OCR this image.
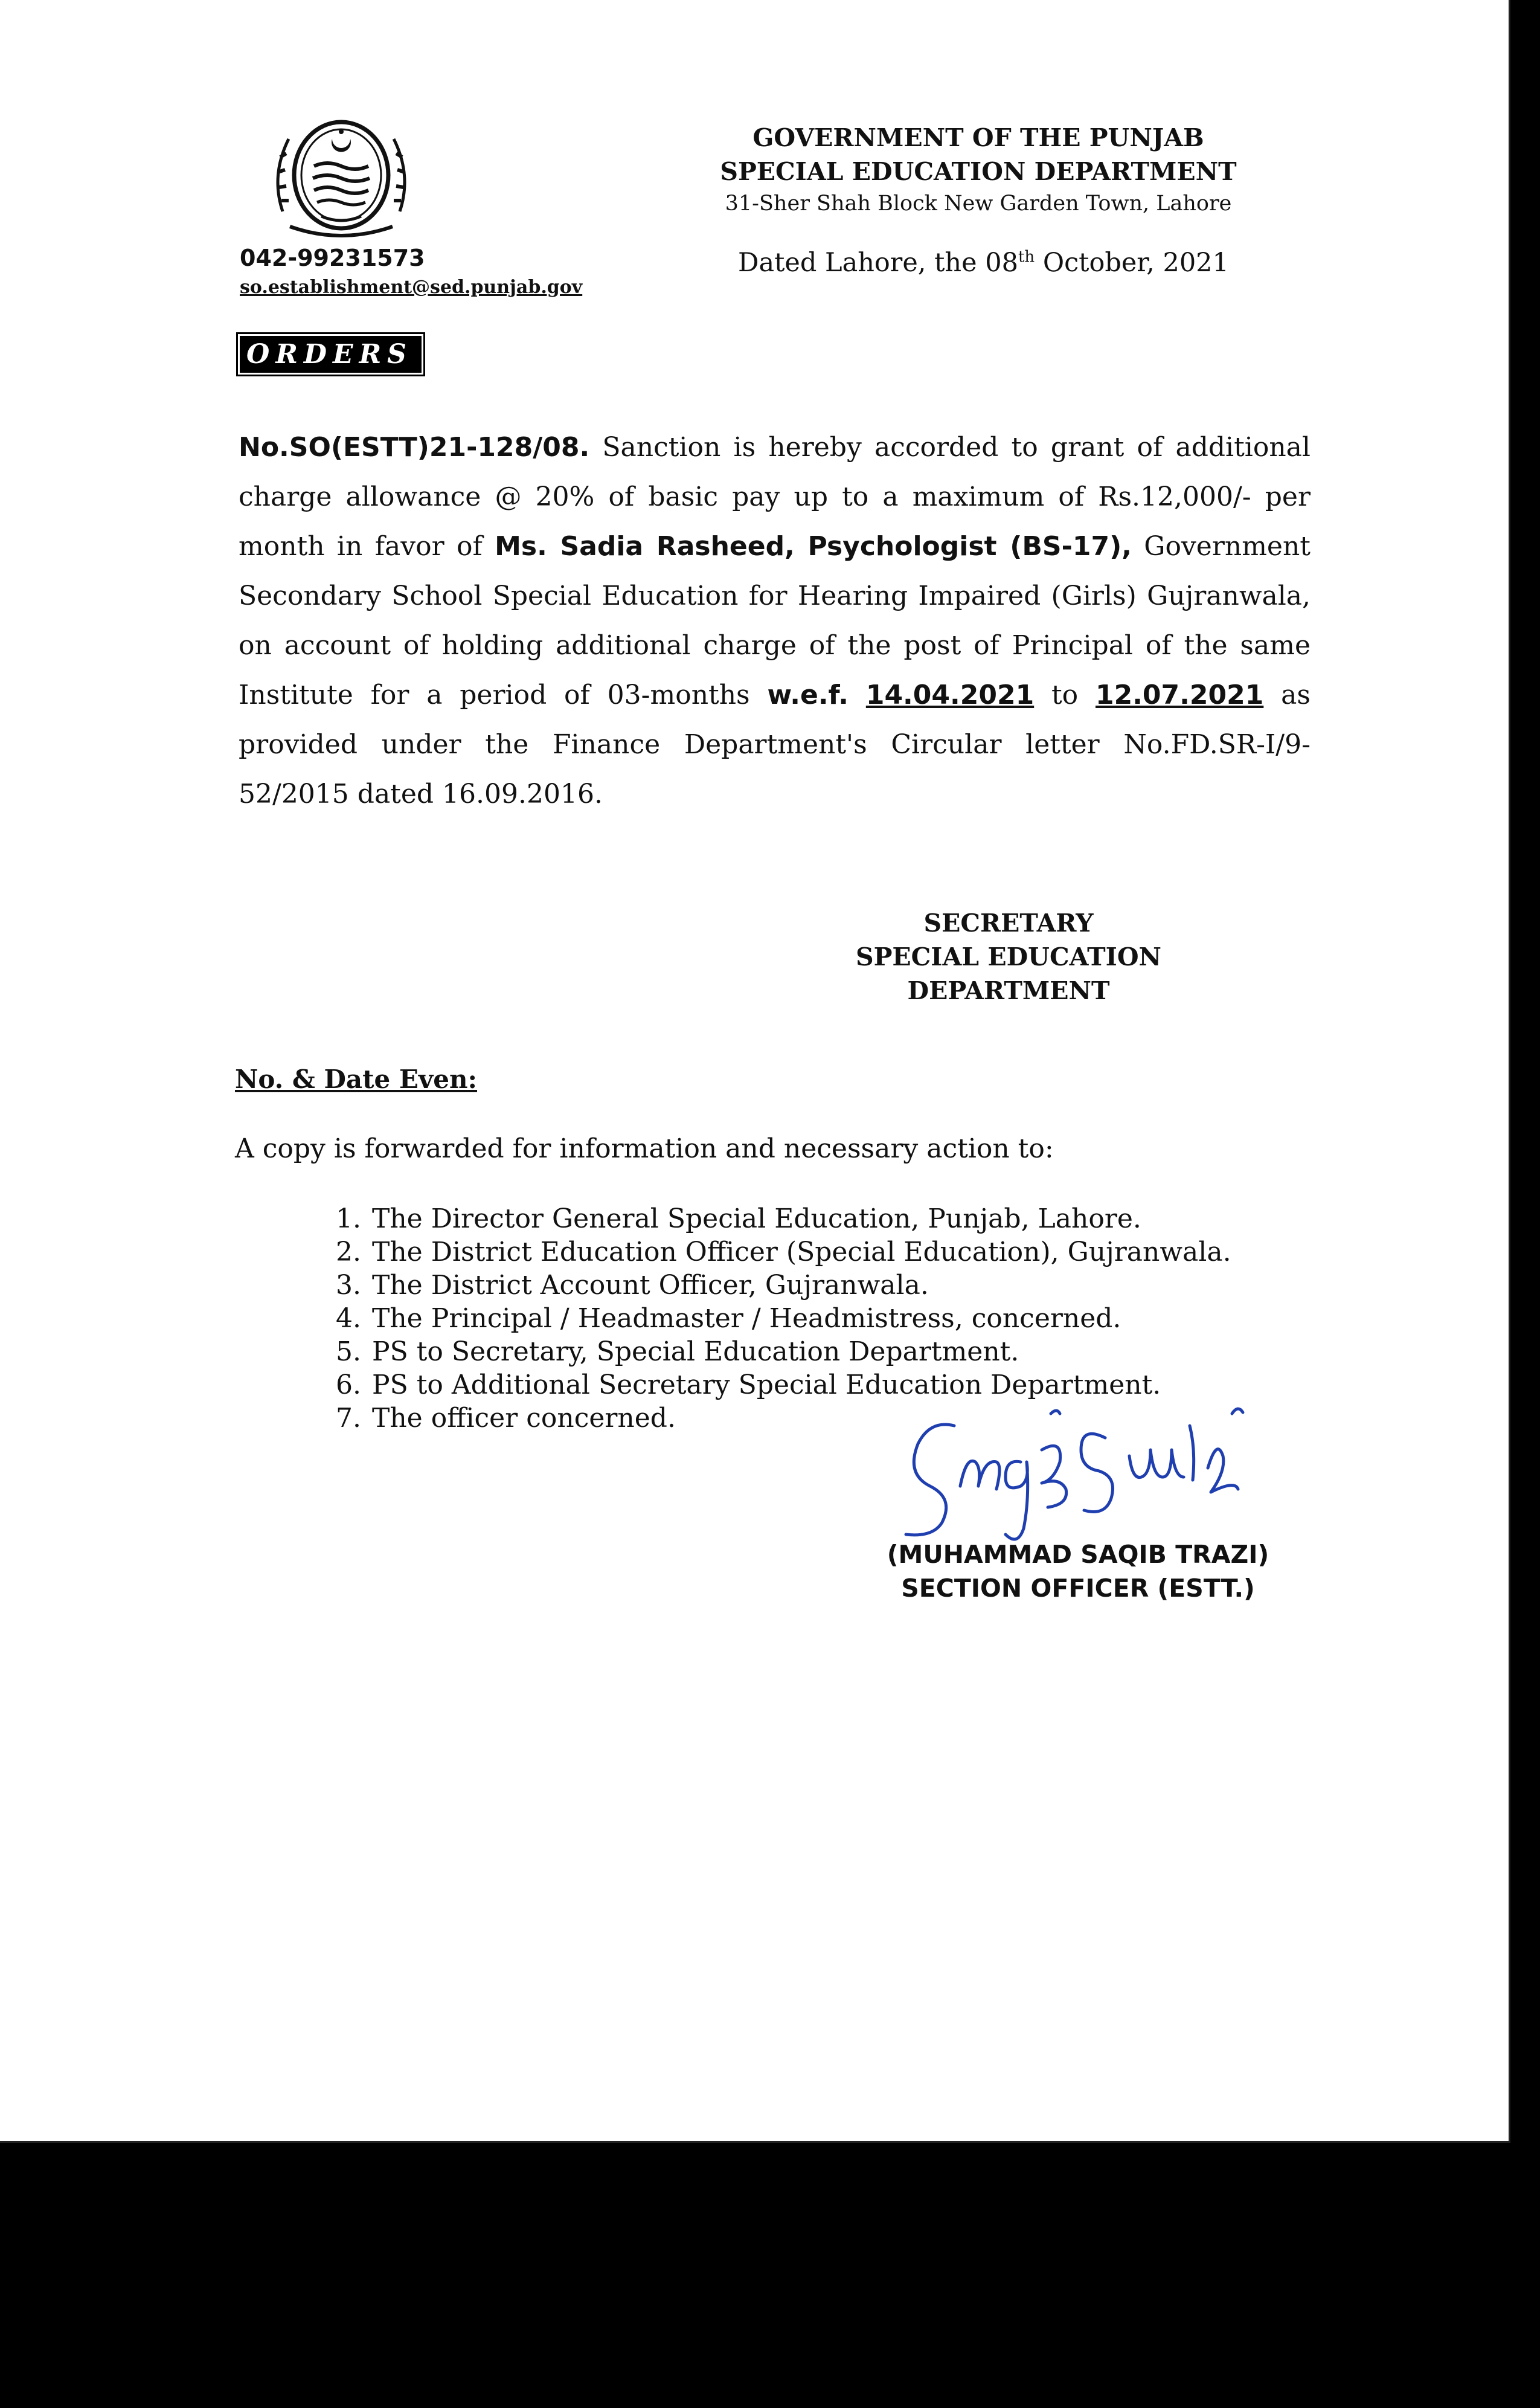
042-99231573
so.establishment@sed.punjab.gov
GOVERNMENT OF THE PUNJAB
SPECIAL EDUCATION DEPARTMENT
31-Sher Shah Block New Garden Town, Lahore
Dated Lahore, the 08th October, 2021
ORDERS
No.SO(ESTT)21-128/08. Sanction is hereby accorded to grant of additional charge allowance @ 20% of basic pay up to a maximum of Rs.12,000/- per month in favor of Ms. Sadia Rasheed, Psychologist (BS-17), Government Secondary School Special Education for Hearing Impaired (Girls) Gujranwala, on account of holding additional charge of the post of Principal of the same Institute for a period of 03-months w.e.f. 14.04.2021 to 12.07.2021 as provided under the Finance Department's Circular letter No.FD.SR-I/9-52/2015 dated 16.09.2016.
SECRETARY
SPECIAL EDUCATION
DEPARTMENT
No. & Date Even:
A copy is forwarded for information and necessary action to:
1. The Director General Special Education, Punjab, Lahore.
2. The District Education Officer (Special Education), Gujranwala.
3. The District Account Officer, Gujranwala.
4. The Principal / Headmaster / Headmistress, concerned.
5. PS to Secretary, Special Education Department.
6. PS to Additional Secretary Special Education Department.
7. The officer concerned.
(MUHAMMAD SAQIB TRAZI)
SECTION OFFICER (ESTT.)
